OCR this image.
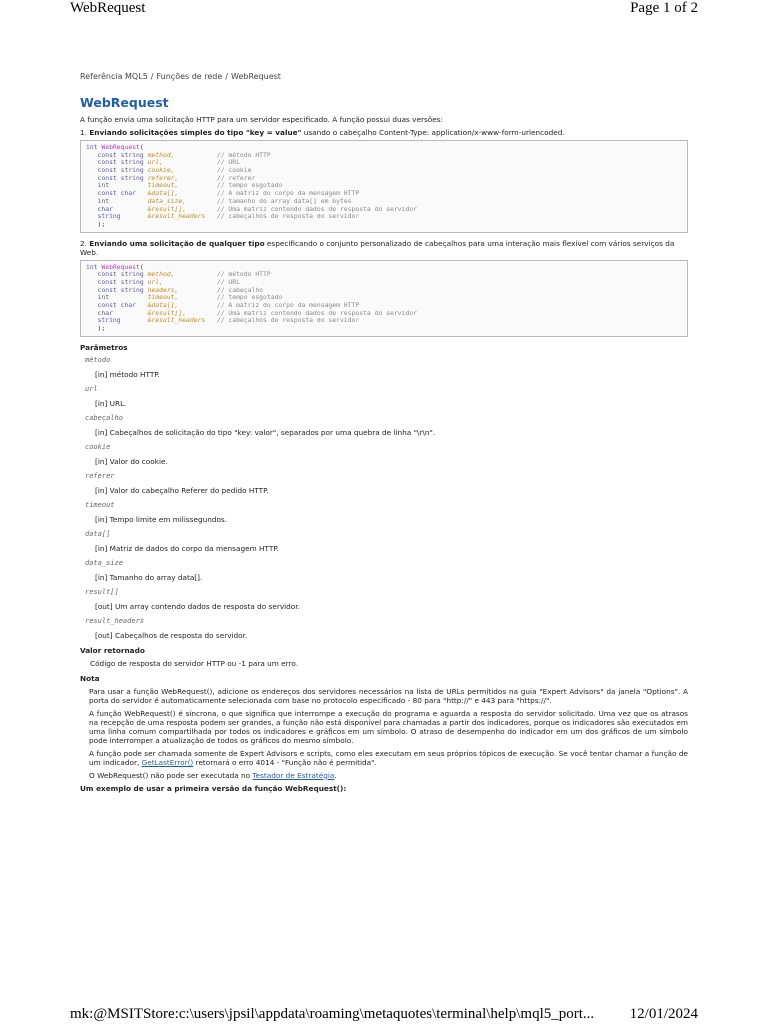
WebRequest	Page 1 of 2
Referência MQL5 / Funções de rede / WebRequest
WebRequest

A função envia uma solicitação HTTP para um servidor especificado. A função possui duas versões:

1. Enviando solicitações simples do tipo "key = value" usando o cabeçalho Content-Type: application/x-www-form-urlencoded.

int WebRequest(
const string method,	// método HTTP
const string url,	// URL
const string cookie,	// cookie
const string referer,	// referer
int	timeout,	// tempo esgotado
const char &data[],	// A matriz do corpo da mensagem HTTP
int	data_size,	// tamanho do array data[] em bytes
char	&result[],	// Uma matriz contendo dados de resposta do servidor
string	&result_headers // cabeçalhos de resposta do servidor
);

2. Enviando uma solicitação de qualquer tipo especificando o conjunto personalizado de cabeçalhos para uma interação mais flexível com vários serviços da Web.

int WebRequest(
const string method,	// método HTTP
const string url,	// URL
const string headers,	// cabeçalho
int	timeout,	// tempo esgotado
const char &data[],	// A matriz do corpo da mensagem HTTP
char	&result[],	// Uma matriz contendo dados de resposta do servidor
string	&result_headers // cabeçalhos de resposta do servidor
);
Parâmetros
método
[in] método HTTP.
url
[in] URL.
cabeçalho
[in] Cabeçalhos de solicitação do tipo "key: valor", separados por uma quebra de linha "\r\n".
cookie
[in] Valor do cookie.
referer
[in] Valor do cabeçalho Referer do pedido HTTP.
timeout
[in] Tempo limite em milissegundos.
data[]
[in] Matriz de dados do corpo da mensagem HTTP.
data_size
[in] Tamanho do array data[].
result[]
[out] Um array contendo dados de resposta do servidor.
result_headers
[out] Cabeçalhos de resposta do servidor.
Valor retornado
Código de resposta do servidor HTTP ou -1 para um erro.
Nota

Para usar a função WebRequest(), adicione os endereços dos servidores necessários na lista de URLs permitidos na guia "Expert Advisors" da janela "Options". A porta do servidor é automaticamente selecionada com base no protocolo especificado - 80 para "http://" e 443 para "https://".

A função WebRequest() é síncrona, o que significa que interrompe a execução do programa e aguarda a resposta do servidor solicitado. Uma vez que os atrasos na recepção de uma resposta podem ser grandes, a função não está disponível para chamadas a partir dos indicadores, porque os indicadores são executados em uma linha comum compartilhada por todos os indicadores e gráficos em um símbolo. O atraso de desempenho do indicador em um dos gráficos de um símbolo pode interromper a atualização de todos os gráficos do mesmo símbolo.

A função pode ser chamada somente de Expert Advisors e scripts, como eles executam em seus próprios tópicos de execução. Se você tentar chamar a função de um indicador, GetLastError() retornará o erro 4014 - "Função não é permitida".

O WebRequest() não pode ser executada no Testador de Estratégia.

Um exemplo de usar a primeira versão da função WebRequest():
mk:@MSITStore:c:\users\jpsil\appdata\roaming\metaquotes\terminal\help\mql5_port...	12/01/2024
